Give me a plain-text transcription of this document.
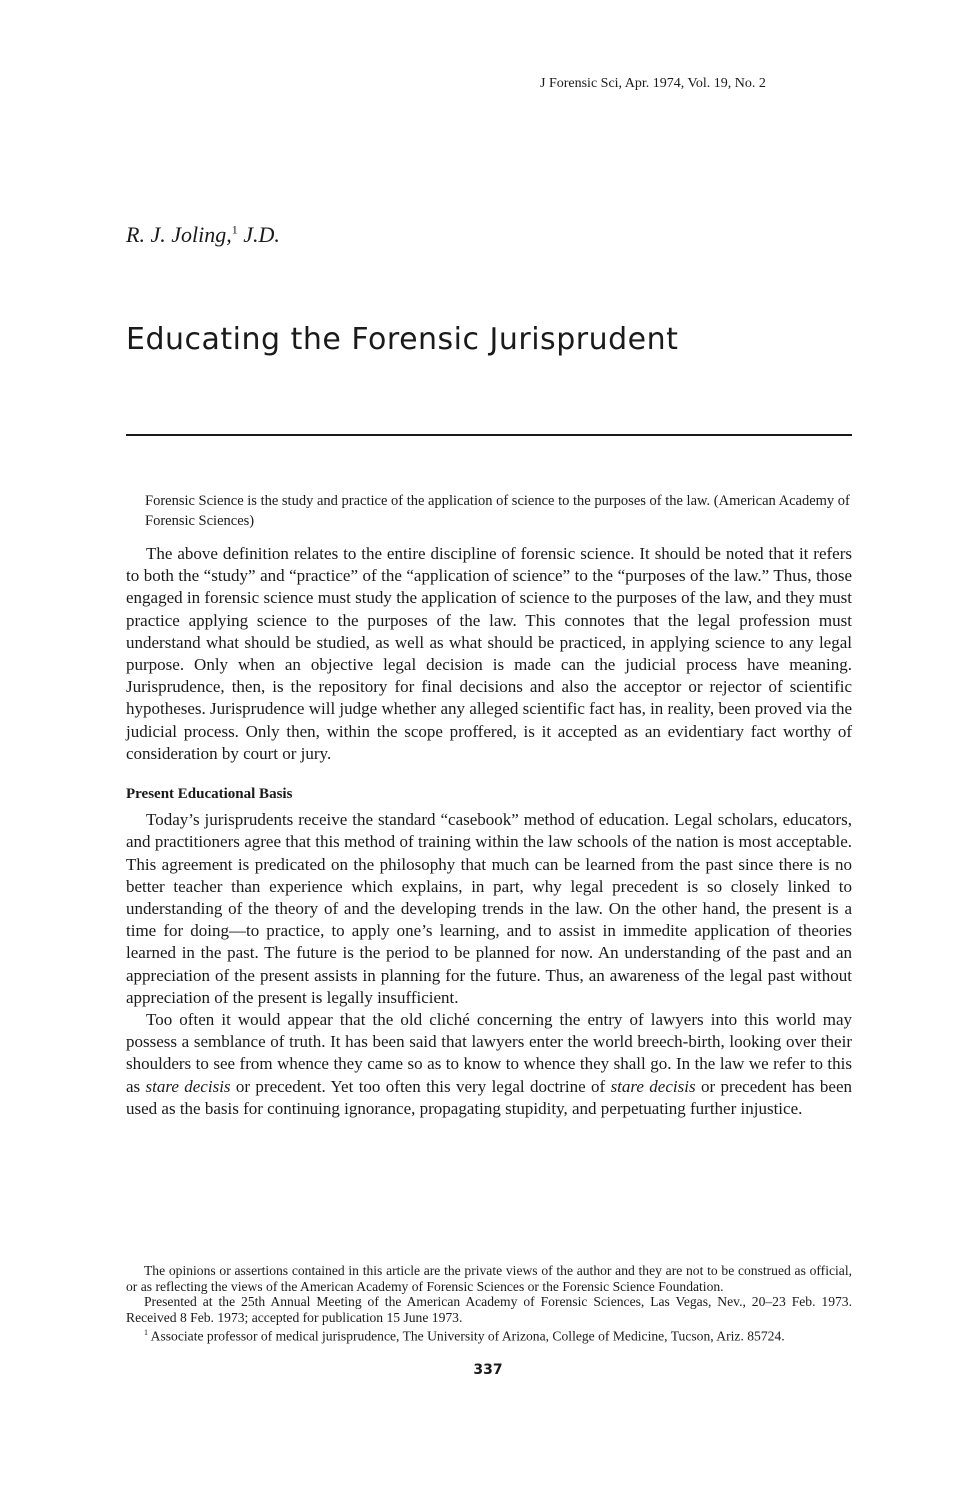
J Forensic Sci, Apr. 1974, Vol. 19, No. 2
R. J. Joling,$^1$ J.D.
Educating the Forensic Jurisprudent
Forensic Science is the study and practice of the application of science to the purposes of the law. (American Academy of Forensic Sciences)

The above definition relates to the entire discipline of forensic science. It should be noted that it refers to both the “study” and “practice” of the “application of science” to the “purposes of the law.” Thus, those engaged in forensic science must study the application of science to the purposes of the law, and they must practice applying science to the purposes of the law. This connotes that the legal profession must understand what should be studied, as well as what should be practiced, in applying science to any legal purpose. Only when an objective legal decision is made can the judicial process have meaning. Jurisprudence, then, is the repository for final decisions and also the acceptor or rejector of scientific hypotheses. Jurisprudence will judge whether any alleged scientific fact has, in reality, been proved via the judicial process. Only then, within the scope proffered, is it accepted as an evidentiary fact worthy of consideration by court or jury.

Present Educational Basis

Today’s jurisprudents receive the standard “casebook” method of education. Legal scholars, educators, and practitioners agree that this method of training within the law schools of the nation is most acceptable. This agreement is predicated on the philosophy that much can be learned from the past since there is no better teacher than experience which explains, in part, why legal precedent is so closely linked to understanding of the theory of and the developing trends in the law. On the other hand, the present is a time for doing—to practice, to apply one’s learning, and to assist in immedite application of theories learned in the past. The future is the period to be planned for now. An understanding of the past and an appreciation of the present assists in planning for the future. Thus, an awareness of the legal past without appreciation of the present is legally insufficient.

Too often it would appear that the old cliché concerning the entry of lawyers into this world may possess a semblance of truth. It has been said that lawyers enter the world breech-birth, looking over their shoulders to see from whence they came so as to know to whence they shall go. In the law we refer to this as stare decisis or precedent. Yet too often this very legal doctrine of stare decisis or precedent has been used as the basis for continuing ignorance, propagating stupidity, and perpetuating further injustice.

The opinions or assertions contained in this article are the private views of the author and they are not to be construed as official, or as reflecting the views of the American Academy of Forensic Sciences or the Forensic Science Foundation.

Presented at the 25th Annual Meeting of the American Academy of Forensic Sciences, Las Vegas, Nev., 20–23 Feb. 1973. Received 8 Feb. 1973; accepted for publication 15 June 1973.

$^1$ Associate professor of medical jurisprudence, The University of Arizona, College of Medicine, Tucson, Ariz. 85724.

337
